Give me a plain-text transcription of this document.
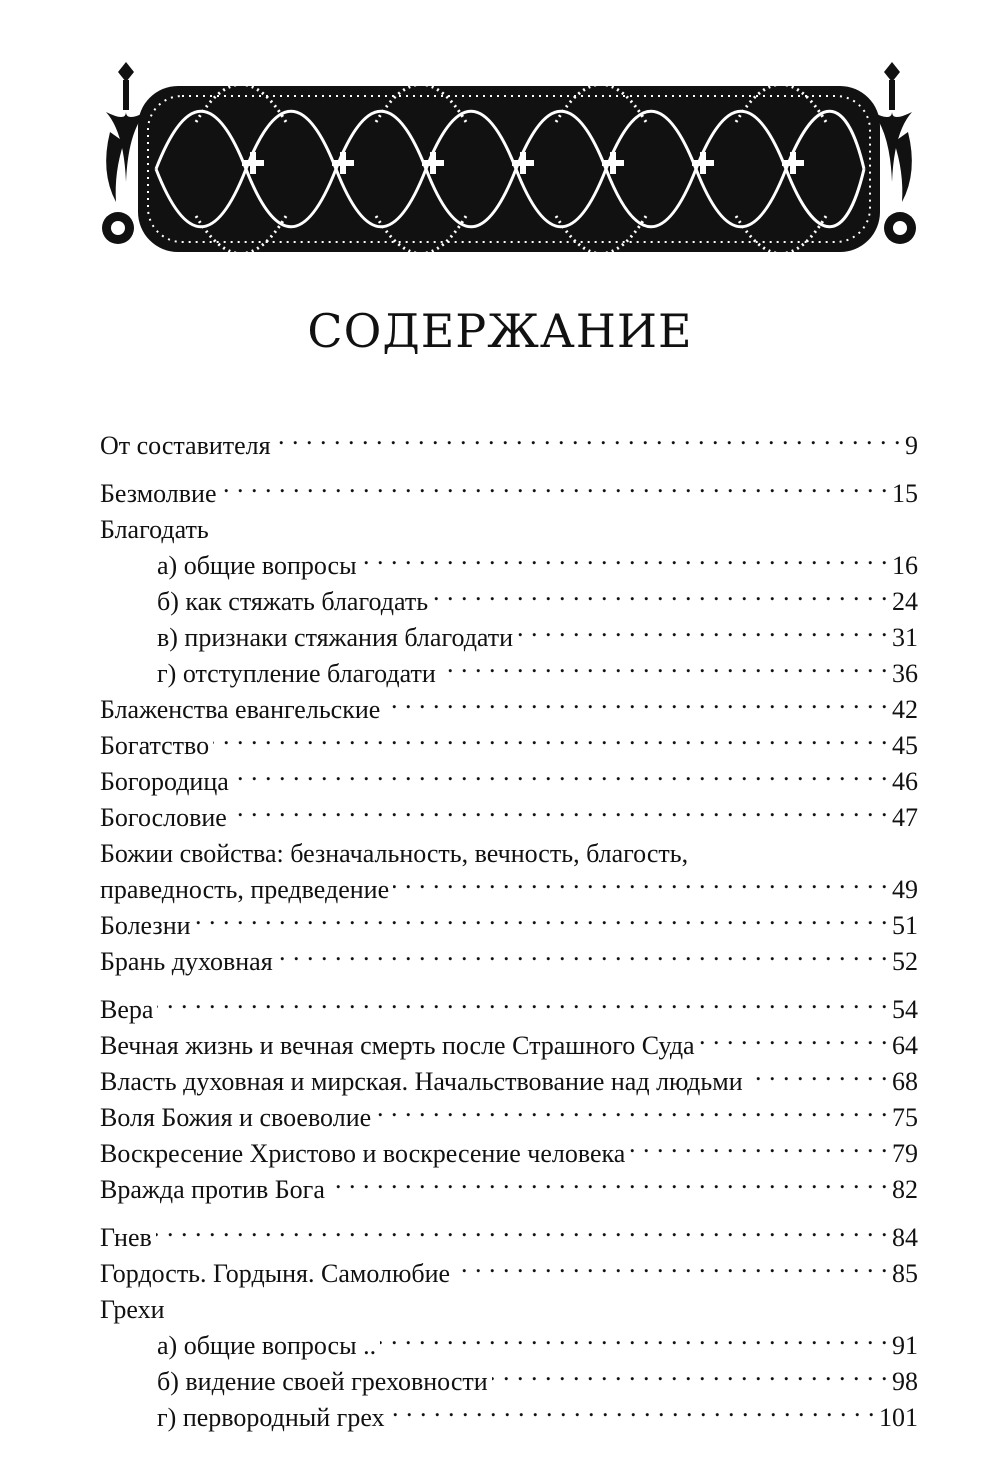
СОДЕРЖАНИЕ
От составителя . . .	9
Безмолвие . . .	15
Благодать
а) общие вопросы . . .	16
б) как стяжать благодать . . .	24
в) признаки стяжания благодати . . .	31
г) отступление благодати . . .	36
Блаженства евангельские . . .	42
Богатство . . .	45
Богородица . . .	46
Богословие . . .	47
Божии свойства: безначальность, вечность, благость,
праведность, предведение . . .	49
Болезни . . .	51
Брань духовная . . .	52
Вера . . .	54
Вечная жизнь и вечная смерть после Страшного Суда . . .	64
Власть духовная и мирская. Начальствование над людьми . . .	68
Воля Божия и своеволие . . .	75
Воскресение Христово и воскресение человека . . .	79
Вражда против Бога . . .	82
Гнев . . .	84
Гордость. Гордыня. Самолюбие . . .	85
Грехи
а) общие вопросы .. . . .	91
б) видение своей греховности . . .	98
г) первородный грех . . .	101
